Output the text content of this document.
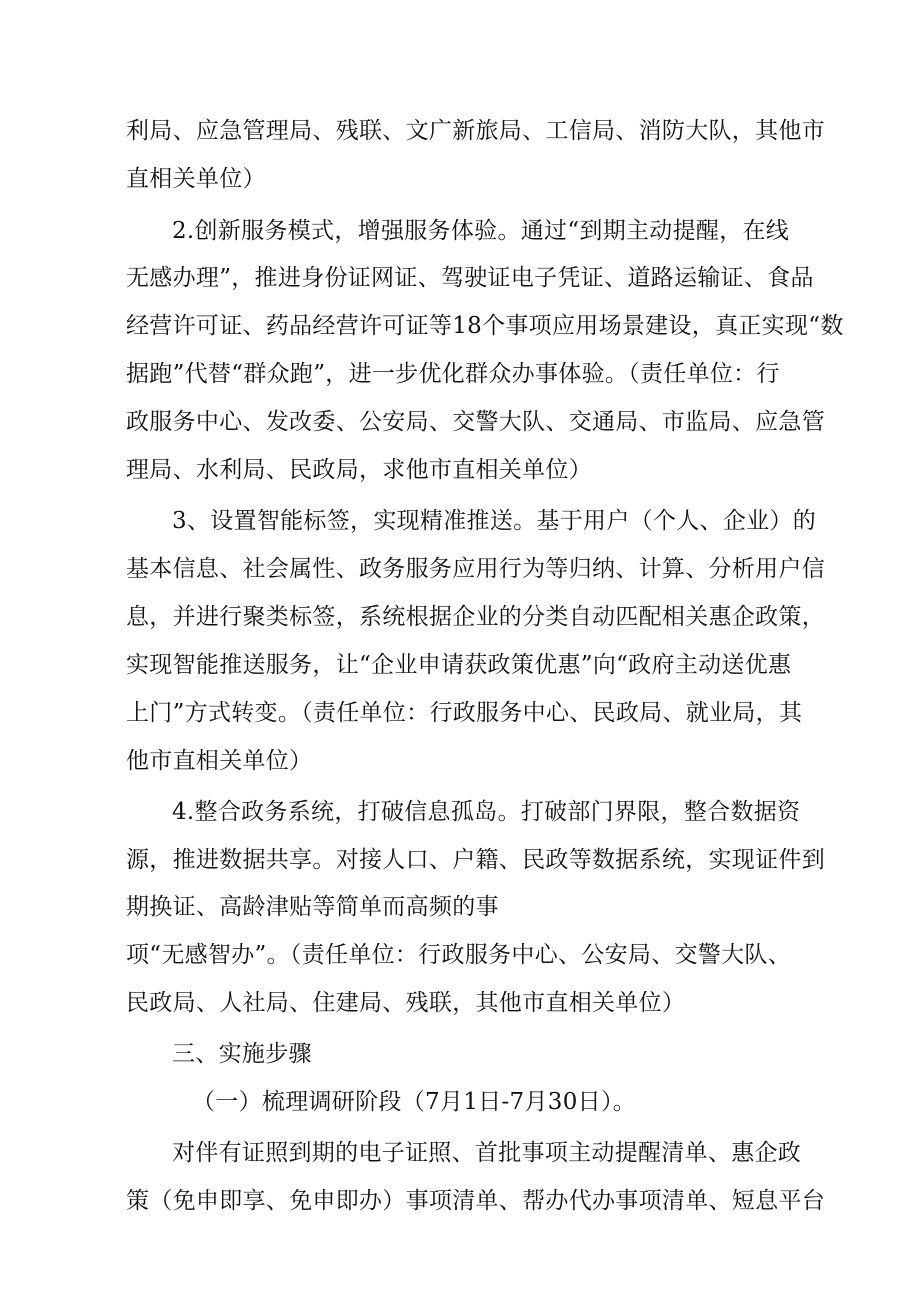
利局、应急管理局、残联、文广新旅局、工信局、消防大队，其他市
直相关单位）
2.创新服务模式，增强服务体验。通过“到期主动提醒，在线
无感办理”，推进身份证网证、驾驶证电子凭证、道路运输证、食品
经营许可证、药品经营许可证等18个事项应用场景建设，真正实现“数
据跑”代替“群众跑”，进一步优化群众办事体验。（责任单位：行
政服务中心、发改委、公安局、交警大队、交通局、市监局、应急管
理局、水利局、民政局，求他市直相关单位）
3、设置智能标签，实现精准推送。基于用户（个人、企业）的
基本信息、社会属性、政务服务应用行为等归纳、计算、分析用户信
息，并进行聚类标签，系统根据企业的分类自动匹配相关惠企政策，
实现智能推送服务，让“企业申请获政策优惠”向“政府主动送优惠
上门”方式转变。（责任单位：行政服务中心、民政局、就业局，其
他市直相关单位）
4.整合政务系统，打破信息孤岛。打破部门界限，整合数据资
源，推进数据共享。对接人口、户籍、民政等数据系统，实现证件到
期换证、高龄津贴等简单而高频的事
项“无感智办”。（责任单位：行政服务中心、公安局、交警大队、
民政局、人社局、住建局、残联，其他市直相关单位）
三、实施步骤
（一）梳理调研阶段（7月1日-7月30日）。
对伴有证照到期的电子证照、首批事项主动提醒清单、惠企政
策（免申即享、免申即办）事项清单、帮办代办事项清单、短息平台
